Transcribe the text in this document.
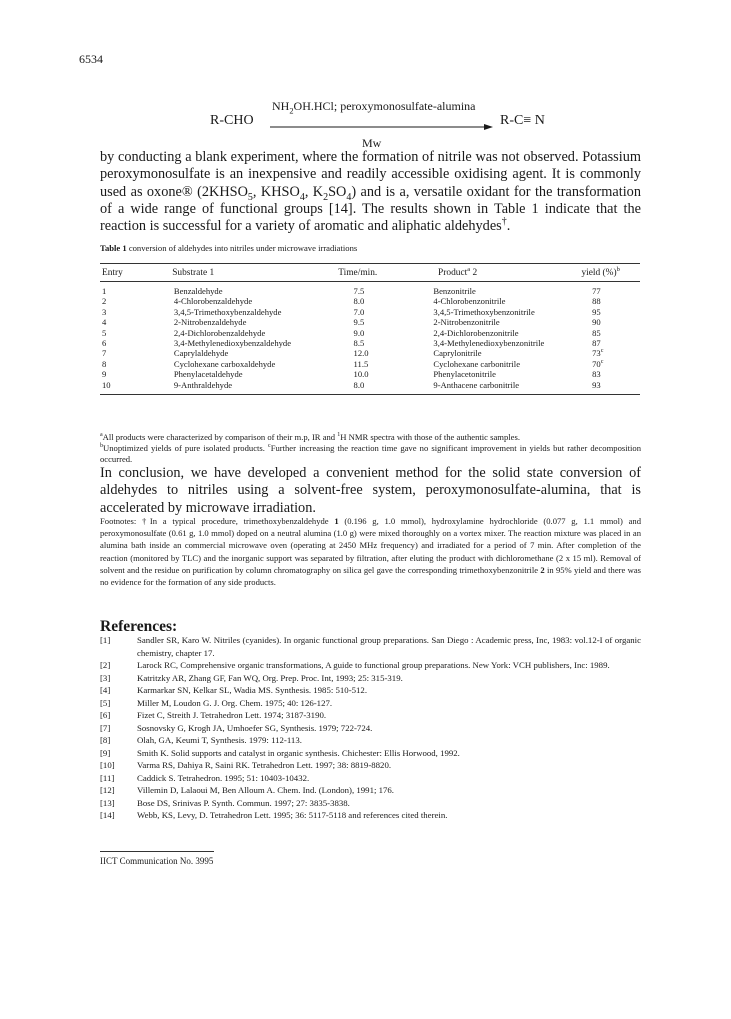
6534
R-CHO
$NH_2OH.HCl$; peroxymonosulfate-alumina
R-C≡ N
Mw

by conducting a blank experiment, where the formation of nitrile was not observed. Potassium peroxymonosulfate is an inexpensive and readily accessible oxidising agent. It is commonly used as oxone® ($2KHSO_5$, $KHSO_4$, $K_2SO_4$) and is a, versatile oxidant for the transformation of a wide range of functional groups [14]. The results shown in Table 1 indicate that the reaction is successful for a variety of aromatic and aliphatic aldehydes†.

Table 1 conversion of aldehydes into nitriles under microwave irradiations
Entry	Substrate 1	Time/min.	Product$^a$ 2	yield (%)$^b$
1	Benzaldehyde	7.5	Benzonitrile	77
2	4-Chlorobenzaldehyde	8.0	4-Chlorobenzonitrile	88
3	3,4,5-Trimethoxybenzaldehyde	7.0	3,4,5-Trimethoxybenzonitrile	95
4	2-Nitrobenzaldehyde	9.5	2-Nitrobenzonitrile	90
5	2,4-Dichlorobenzaldehyde	9.0	2,4-Dichlorobenzonitrile	85
6	3,4-Methylenedioxybenzaldehyde	8.5	3,4-Methylenedioxybenzonitrile	87
7	Caprylaldehyde	12.0	Caprylonitrile	73$^c$
8	Cyclohexane carboxaldehyde	11.5	Cyclohexane carbonitrile	70$^c$
9	Phenylacetaldehyde	10.0	Phenylacetonitrile	83
10	9-Anthraldehyde	8.0	9-Anthacene carbonitrile	93

$^a$All products were characterized by comparison of their m.p, IR and $^1$H NMR spectra with those of the authentic samples.
$^b$Unoptimized yields of pure isolated products. $^c$Further increasing the reaction time gave no significant improvement in yields but rather decomposition occurred.

In conclusion, we have developed a convenient method for the solid state conversion of aldehydes to nitriles using a solvent-free system, peroxymonosulfate-alumina, that is accelerated by microwave irradiation.

Footnotes: †In a typical procedure, trimethoxybenzaldehyde 1 (0.196 g, 1.0 mmol), hydroxylamine hydrochloride (0.077 g, 1.1 mmol) and peroxymonosulfate (0.61 g, 1.0 mmol) doped on a neutral alumina (1.0 g) were mixed thoroughly on a vortex mixer. The reaction mixture was placed in an alumina bath inside an commercial microwave oven (operating at 2450 MHz frequency) and irradiated for a period of 7 min. After completion of the reaction (monitored by TLC) and the inorganic support was separated by filtration, after eluting the product with dichloromethane (2 x 15 ml). Removal of solvent and the residue on purification by column chromatography on silica gel gave the corresponding trimethoxybenzonitrile 2 in 95% yield and there was no evidence for the formation of any side products.

References:
[1]	Sandler SR, Karo W. Nitriles (cyanides). In organic functional group preparations. San Diego : Academic press, Inc, 1983: vol.12-I of organic chemistry, chapter 17.
[2]	Larock RC, Comprehensive organic transformations, A guide to functional group preparations. New York: VCH publishers, Inc: 1989.
[3]	Katritzky AR, Zhang GF, Fan WQ, Org. Prep. Proc. Int, 1993; 25: 315-319.
[4]	Karmarkar SN, Kelkar SL, Wadia MS. Synthesis. 1985: 510-512.
[5]	Miller M, Loudon G. J. Org. Chem. 1975; 40: 126-127.
[6]	Fizet C, Streith J. Tetrahedron Lett. 1974; 3187-3190.
[7]	Sosnovsky G, Krogh JA, Umhoefer SG, Synthesis. 1979; 722-724.
[8]	Olah, GA, Keumi T, Synthesis. 1979: 112-113.
[9]	Smith K. Solid supports and catalyst in organic synthesis. Chichester: Ellis Horwood, 1992.
[10]	Varma RS, Dahiya R, Saini RK. Tetrahedron Lett. 1997; 38: 8819-8820.
[11]	Caddick S. Tetrahedron. 1995; 51: 10403-10432.
[12]	Villemin D, Lalaoui M, Ben Alloum A. Chem. Ind. (London), 1991; 176.
[13]	Bose DS, Srinivas P. Synth. Commun. 1997; 27: 3835-3838.
[14]	Webb, KS, Levy, D. Tetrahedron Lett. 1995; 36: 5117-5118 and references cited therein.
IICT Communication No. 3995
